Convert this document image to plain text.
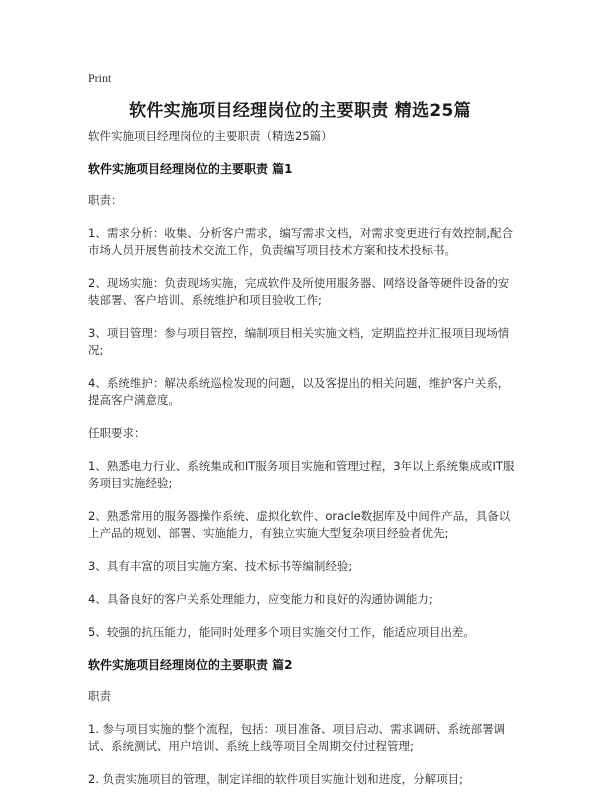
Print
软件实施项目经理岗位的主要职责 精选25篇

软件实施项目经理岗位的主要职责（精选25篇）

软件实施项目经理岗位的主要职责 篇1

职责：

1、需求分析：收集、分析客户需求，编写需求文档，对需求变更进行有效控制,配合市场人员开展售前技术交流工作，负责编写项目技术方案和技术投标书。

2、现场实施：负责现场实施，完成软件及所使用服务器、网络设备等硬件设备的安装部署、客户培训、系统维护和项目验收工作;

3、项目管理：参与项目管控，编制项目相关实施文档，定期监控并汇报项目现场情况;

4、系统维护：解决系统巡检发现的问题，以及客提出的相关问题，维护客户关系，提高客户满意度。

任职要求：

1、熟悉电力行业、系统集成和IT服务项目实施和管理过程，3年以上系统集成或IT服务项目实施经验;

2、熟悉常用的服务器操作系统、虚拟化软件、oracle数据库及中间件产品，具备以上产品的规划、部署、实施能力，有独立实施大型复杂项目经验者优先;

3、具有丰富的项目实施方案、技术标书等编制经验;

4、具备良好的客户关系处理能力，应变能力和良好的沟通协调能力;

5、较强的抗压能力，能同时处理多个项目实施交付工作，能适应项目出差。

软件实施项目经理岗位的主要职责 篇2

职责

1. 参与项目实施的整个流程，包括：项目准备、项目启动、需求调研、系统部署调试、系统测试、用户培训、系统上线等项目全周期交付过程管理;

2. 负责实施项目的管理，制定详细的软件项目实施计划和进度，分解项目;
